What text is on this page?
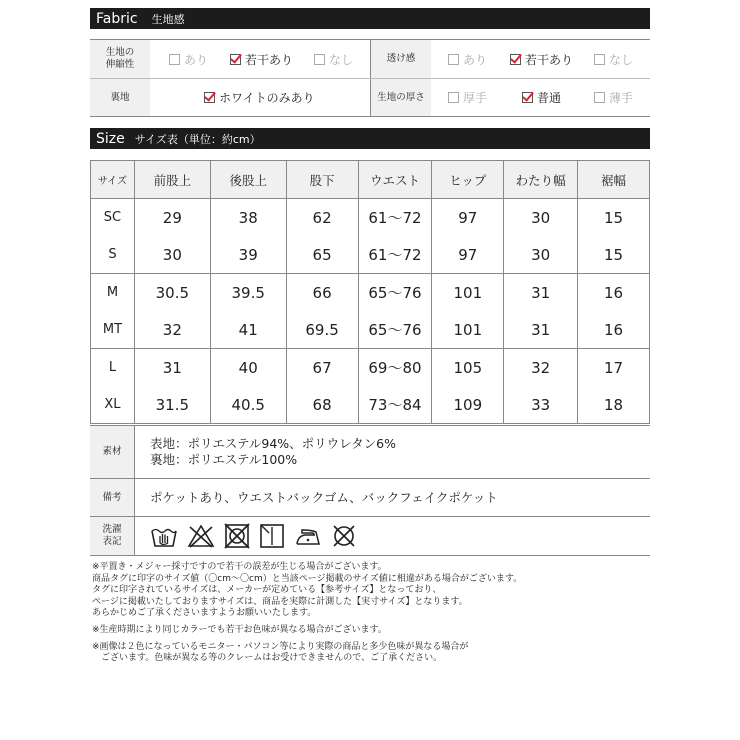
Fabric 生地感
生地の
伸縮性	あり	若干あり	なし	透け感	あり	若干あり	なし
裏地	ホワイトのみあり	生地の厚さ	厚手	普通	薄手
Size サイズ表（単位：約cm）
サイズ	前股上	後股上	股下	ウエスト	ヒップ	わたり幅	裾幅
SC	29	38	62	61〜72	97	30	15
S	30	39	65	61〜72	97	30	15
M	30.5	39.5	66	65〜76	101	31	16
MT	32	41	69.5	65〜76	101	31	16
L	31	40	67	69〜80	105	32	17
XL	31.5	40.5	68	73〜84	109	33	18
素材
表地：ポリエステル94%、ポリウレタン6%
裏地：ポリエステル100%
備考	ポケットあり、ウエストバックゴム、バックフェイクポケット
洗濯
表記

※平置き・メジャー採寸ですので若干の誤差が生じる場合がございます。

商品タグに印字のサイズ値（〇cm〜〇cm）と当該ページ掲載のサイズ値に相違がある場合がございます。

タグに印字されているサイズは、メーカーが定めている【参考サイズ】となっており、

ページに掲載いたしておりますサイズは、商品を実際に計測した【実寸サイズ】となります。

あらかじめご了承くださいますようお願いいたします。

※生産時期により同じカラーでも若干お色味が異なる場合がございます。

※画像は２色になっているモニター・パソコン等により実際の商品と多少色味が異なる場合が

　ございます。色味が異なる等のクレームはお受けできませんので、ご了承ください。
